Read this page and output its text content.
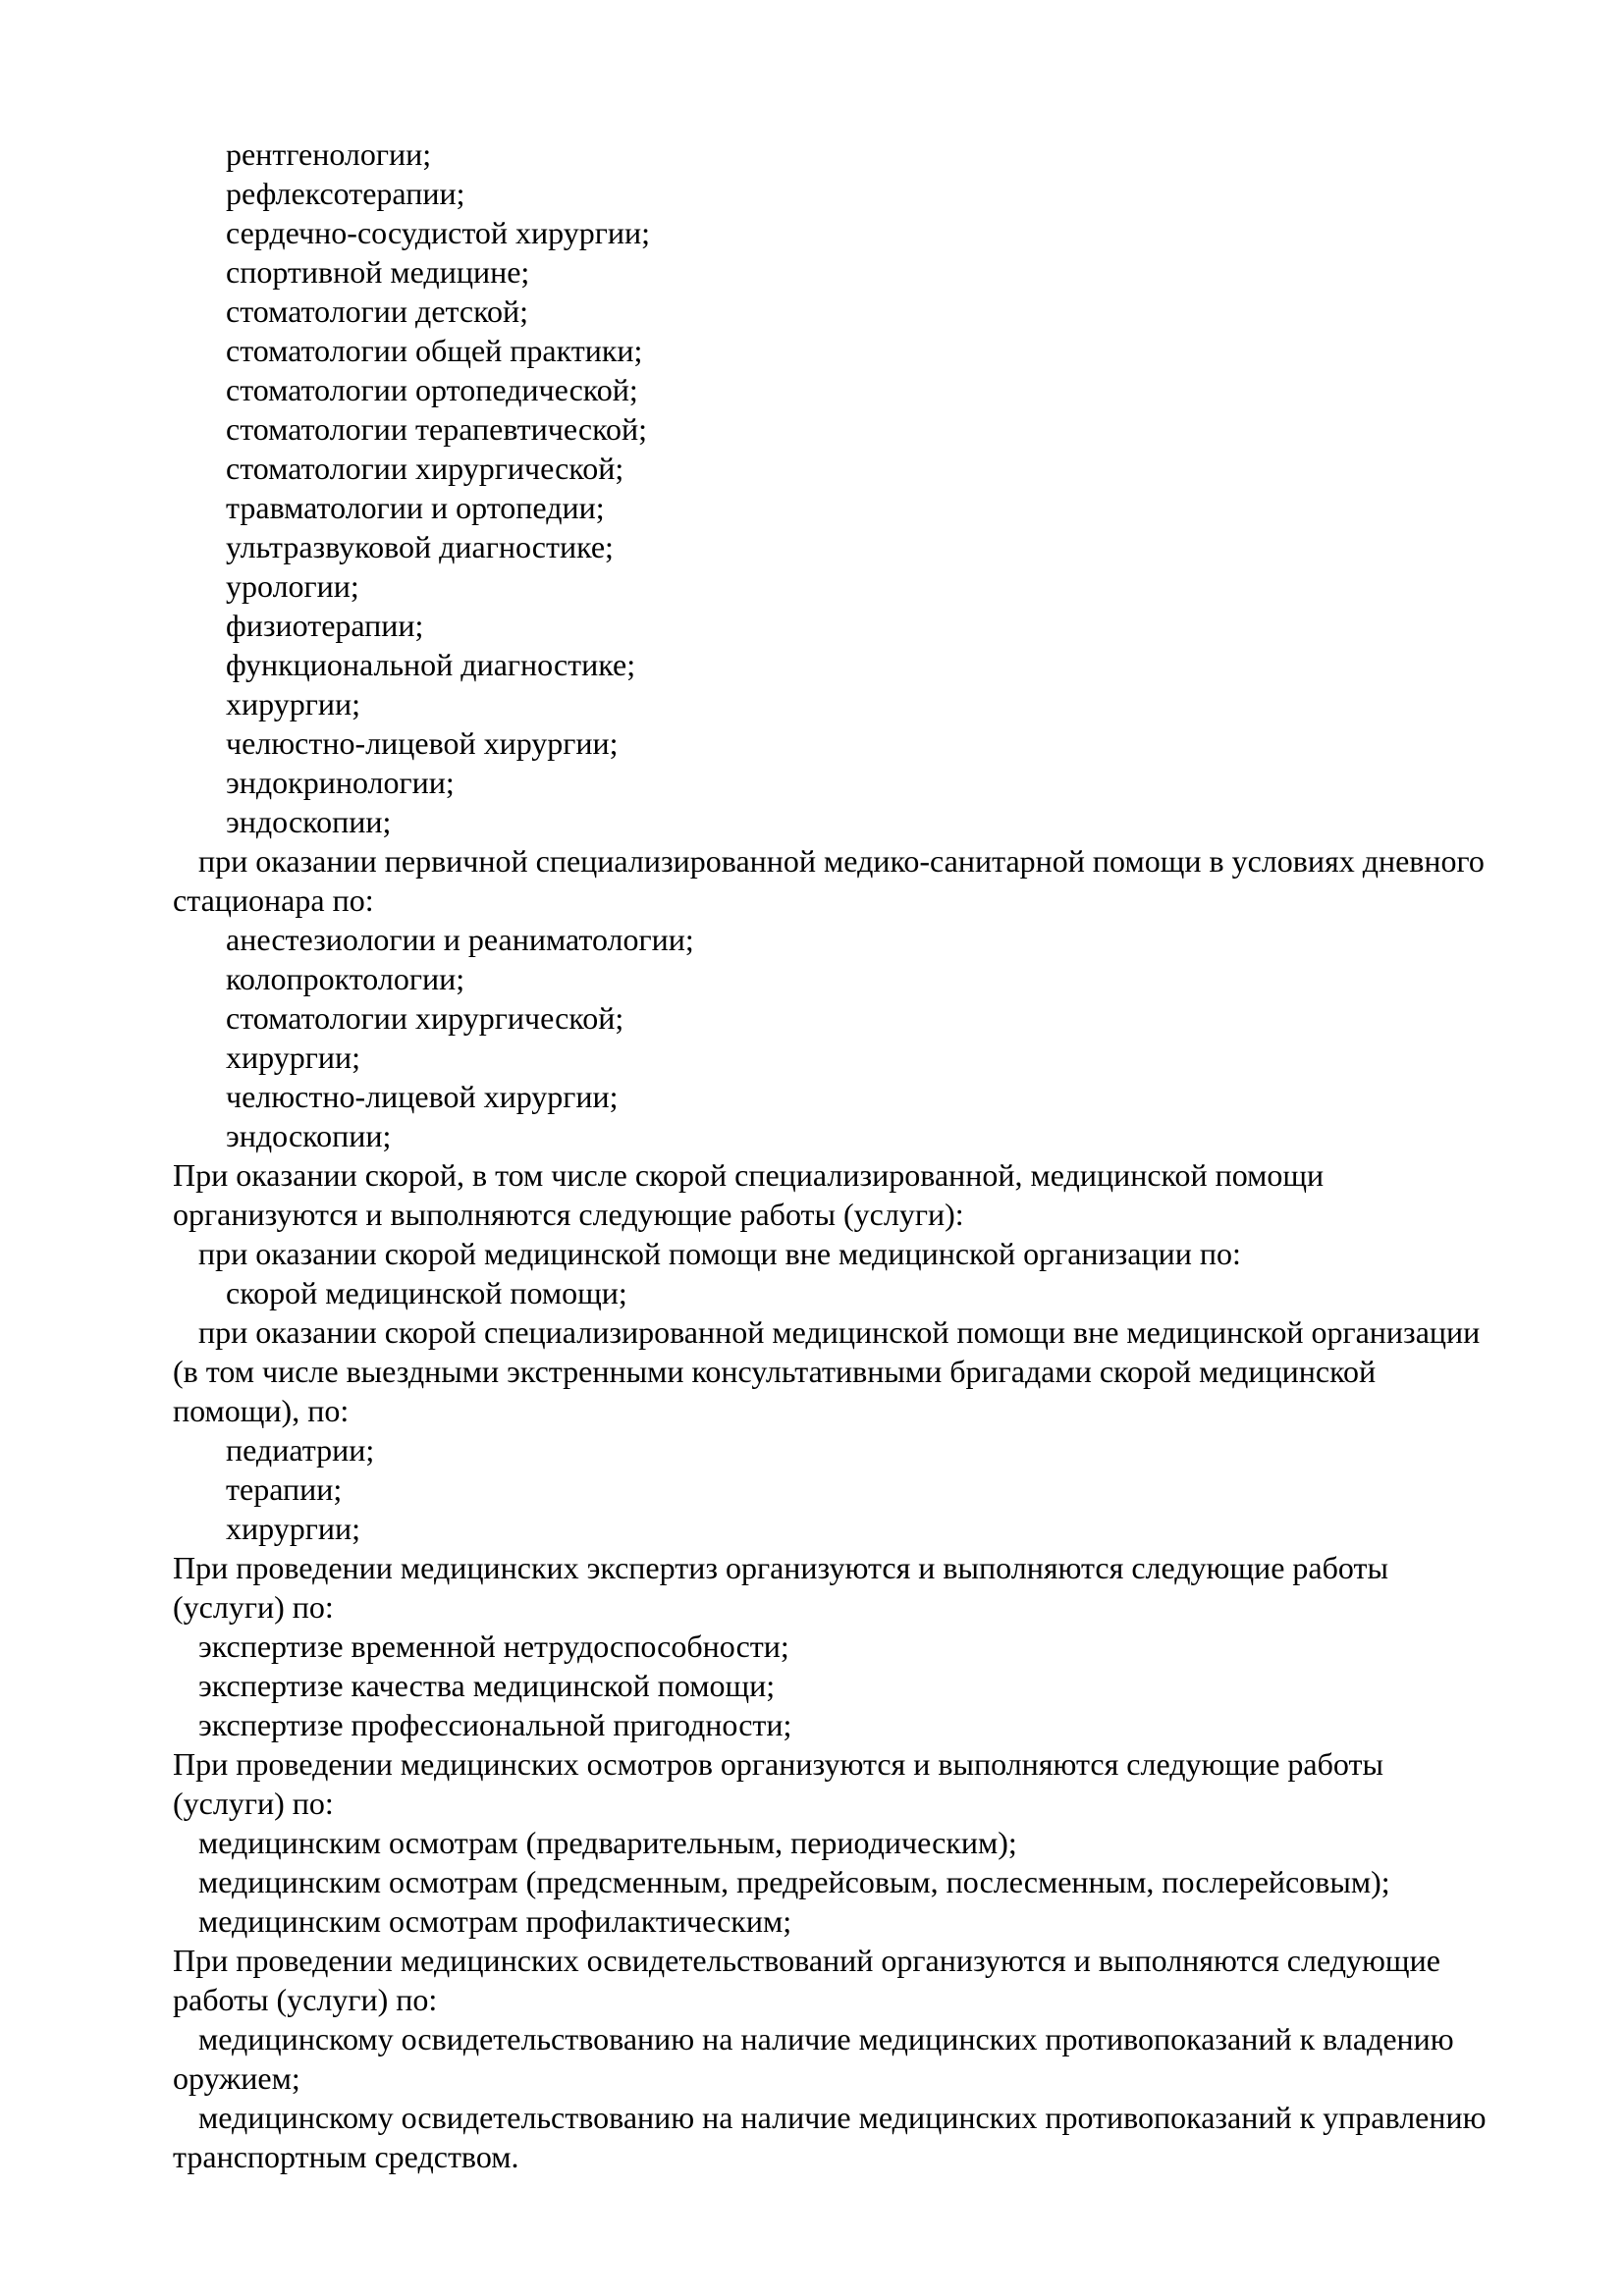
рентгенологии;
рефлексотерапии;
сердечно-сосудистой хирургии;
спортивной медицине;
стоматологии детской;
стоматологии общей практики;
стоматологии ортопедической;
стоматологии терапевтической;
стоматологии хирургической;
травматологии и ортопедии;
ультразвуковой диагностике;
урологии;
физиотерапии;
функциональной диагностике;
хирургии;
челюстно-лицевой хирургии;
эндокринологии;
эндоскопии;
при оказании первичной специализированной медико-санитарной помощи в условиях дневного
стационара по:
анестезиологии и реаниматологии;
колопроктологии;
стоматологии хирургической;
хирургии;
челюстно-лицевой хирургии;
эндоскопии;
При оказании скорой, в том числе скорой специализированной, медицинской помощи
организуются и выполняются следующие работы (услуги):
при оказании скорой медицинской помощи вне медицинской организации по:
скорой медицинской помощи;
при оказании скорой специализированной медицинской помощи вне медицинской организации
(в том числе выездными экстренными консультативными бригадами скорой медицинской
помощи), по:
педиатрии;
терапии;
хирургии;
При проведении медицинских экспертиз организуются и выполняются следующие работы
(услуги) по:
экспертизе временной нетрудоспособности;
экспертизе качества медицинской помощи;
экспертизе профессиональной пригодности;
При проведении медицинских осмотров организуются и выполняются следующие работы
(услуги) по:
медицинским осмотрам (предварительным, периодическим);
медицинским осмотрам (предсменным, предрейсовым, послесменным, послерейсовым);
медицинским осмотрам профилактическим;
При проведении медицинских освидетельствований организуются и выполняются следующие
работы (услуги) по:
медицинскому освидетельствованию на наличие медицинских противопоказаний к владению
оружием;
медицинскому освидетельствованию на наличие медицинских противопоказаний к управлению
транспортным средством.
